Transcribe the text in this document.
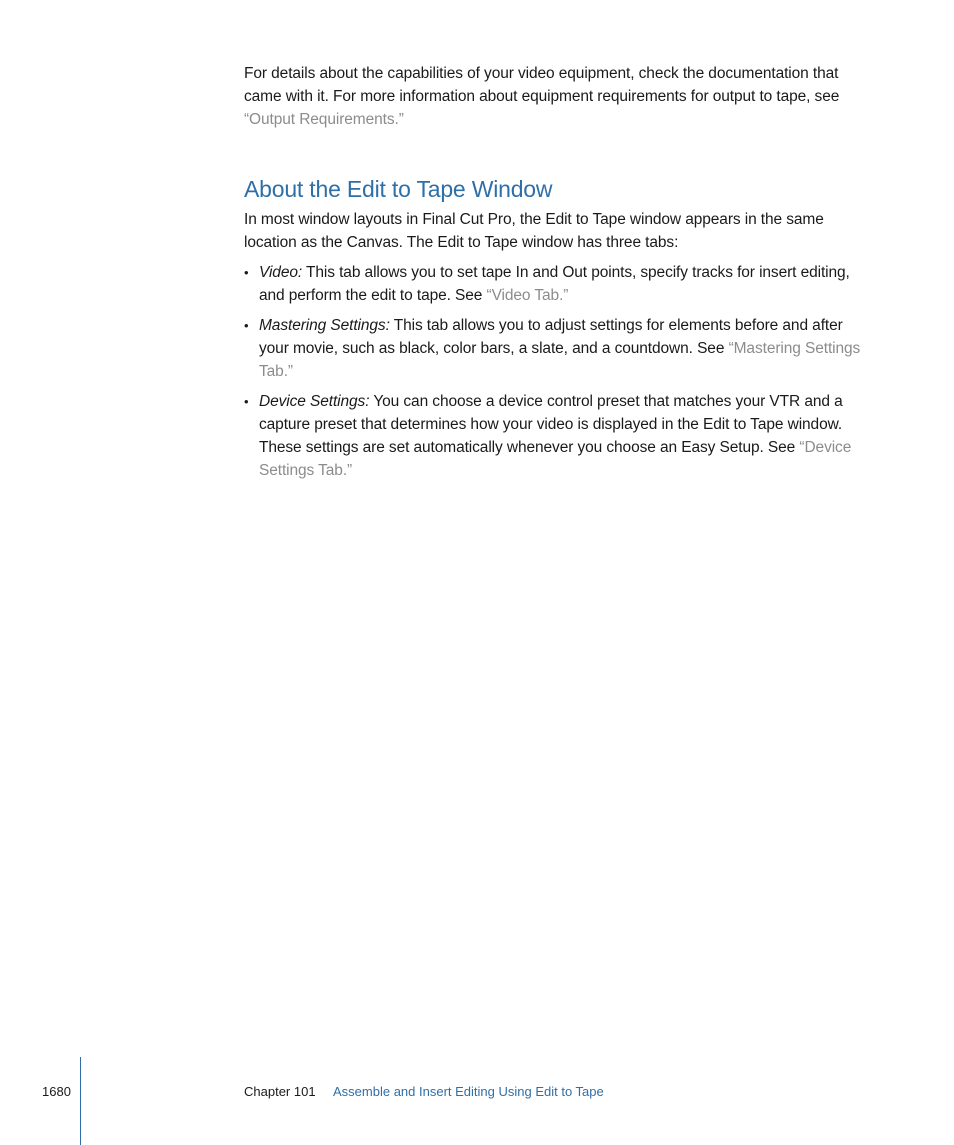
For details about the capabilities of your video equipment, check the documentation that came with it. For more information about equipment requirements for output to tape, see “Output Requirements.”

About the Edit to Tape Window

In most window layouts in Final Cut Pro, the Edit to Tape window appears in the same location as the Canvas. The Edit to Tape window has three tabs:

• Video: This tab allows you to set tape In and Out points, specify tracks for insert editing, and perform the edit to tape. See “Video Tab.”
• Mastering Settings: This tab allows you to adjust settings for elements before and after your movie, such as black, color bars, a slate, and a countdown. See “Mastering Settings Tab.”
• Device Settings: You can choose a device control preset that matches your VTR and a capture preset that determines how your video is displayed in the Edit to Tape window. These settings are set automatically whenever you choose an Easy Setup. See “Device Settings Tab.”
1680	Chapter 101 Assemble and Insert Editing Using Edit to Tape
